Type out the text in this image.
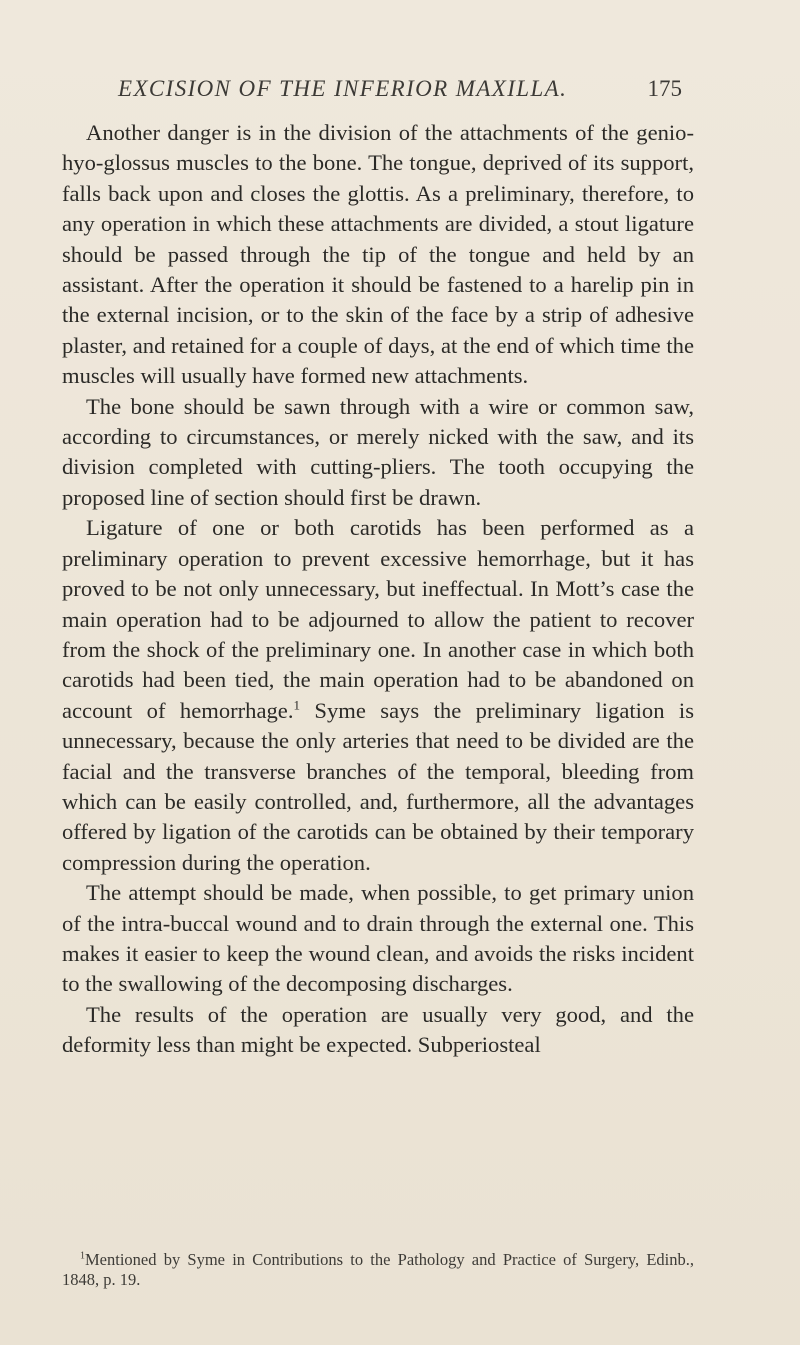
EXCISION OF THE INFERIOR MAXILLA.	175

Another danger is in the division of the attachments of the genio-hyo-glossus muscles to the bone. The tongue, deprived of its support, falls back upon and closes the glottis. As a preliminary, therefore, to any operation in which these attachments are divided, a stout ligature should be passed through the tip of the tongue and held by an assistant. After the operation it should be fastened to a harelip pin in the external incision, or to the skin of the face by a strip of adhesive plaster, and retained for a couple of days, at the end of which time the muscles will usually have formed new attachments.

The bone should be sawn through with a wire or common saw, according to circumstances, or merely nicked with the saw, and its division completed with cutting-pliers. The tooth occupying the proposed line of section should first be drawn.

Ligature of one or both carotids has been performed as a preliminary operation to prevent excessive hemorrhage, but it has proved to be not only unnecessary, but ineffectual. In Mott’s case the main operation had to be adjourned to allow the patient to recover from the shock of the preliminary one. In another case in which both carotids had been tied, the main operation had to be abandoned on account of hemorrhage.$^1$ Syme says the preliminary ligation is unnecessary, because the only arteries that need to be divided are the facial and the transverse branches of the temporal, bleeding from which can be easily controlled, and, furthermore, all the advantages offered by ligation of the carotids can be obtained by their temporary compression during the operation.

The attempt should be made, when possible, to get primary union of the intra-buccal wound and to drain through the external one. This makes it easier to keep the wound clean, and avoids the risks incident to the swallowing of the decomposing discharges.

The results of the operation are usually very good, and the deformity less than might be expected. Subperiosteal

$^1$Mentioned by Syme in Contributions to the Pathology and Practice of Surgery, Edinb., 1848, p. 19.
